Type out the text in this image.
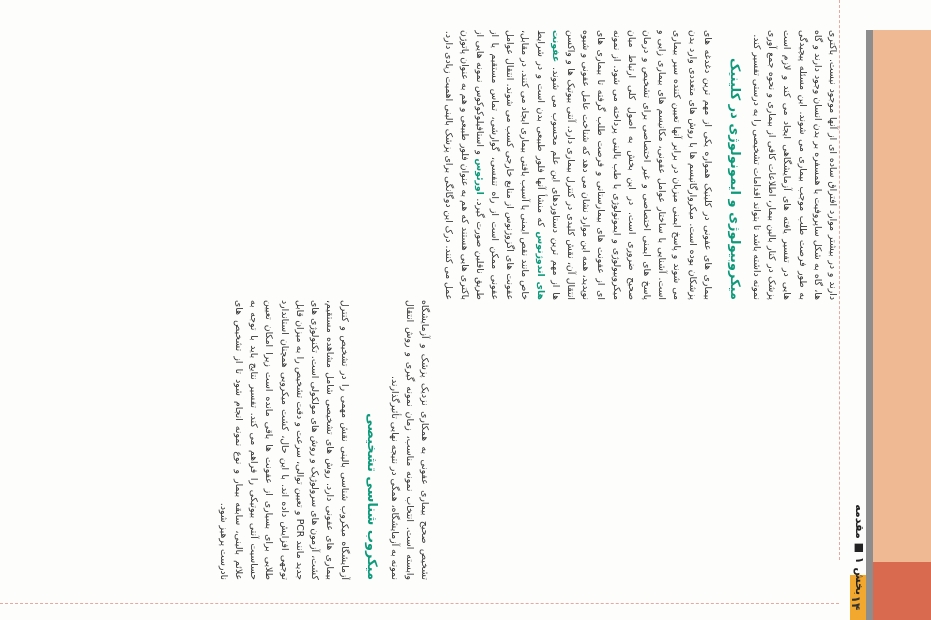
۱۴
بخش ۱ ■ مقدمه

دارند و در بیشتر موارد افتراق ساده ای از آنها موجود نیست. باکتری ها، گاه به شکل ساپروفیت یا همسفره بر بدن انسان وجود دارند و گاه به طور فرصت طلب موجب بیماری می شوند. این مسئله پیچیدگی هایی در تفسیر یافته های آزمایشگاهی ایجاد می کند و لازم است پزشک در کنار بالین بیمار، اطلاعات کافی از بیماری و نحوه جمع آوری نمونه داشته باشد تا بتواند اقدامات تشخیصی را به درستی تفسیر کند.

میکروبیولوژی و ایمونولوژی در کلینیک

بیماری های عفونی در کلینیک همواره یکی از مهم ترین دغدغه های پزشکان بوده است. میکروارگانیسم ها با روش های متعددی وارد بدن می شوند و پاسخ ایمنی میزبان در برابر آنها تعیین کننده سیر بیماری است. آشنایی با ساختار عوامل عفونی، مکانیسم های بیماری زایی و پاسخ های ایمنی اختصاصی و غیر اختصاصی برای تشخیص و درمان صحیح ضروری است. در این بخش به اصول کلی ارتباط میان میکروبیولوژی و ایمونولوژی با طب بالینی پرداخته می شود. از نمونه ای از عفونت های بیمارستانی و فرصت طلب گرفته تا بیماری های نوپدید، همه این موارد نشان می دهد که شناخت عامل عفونی و شیوه انتقال آن، نقش کلیدی در کنترل بیماری دارد. آنتی بیوتیک ها و واکسن ها از مهم ترین دستاوردهای این علم محسوب می شوند. عفونت های اندوژنوس که منشأ آنها فلور طبیعی بدن است و در شرایط خاص مانند نقص ایمنی یا آسیب بافتی بیماری ایجاد می کنند. در مقابل، عفونت های اگزوژنوس از منابع خارجی کسب می شوند. انتقال عوامل عفونی ممکن است از راه تنفسی، گوارشی، تماس مستقیم یا از طریق ناقلین صورت گیرد. اورئوس و استافیلوکوکوس نمونه هایی از باکتری هایی هستند که هم به عنوان فلور طبیعی و هم به عنوان پاتوژن عمل می کنند. درک این دوگانگی برای پزشک بالینی اهمیت زیادی دارد.

تشخیص صحیح بیماری عفونی به همکاری نزدیک پزشک و آزمایشگاه وابسته است. انتخاب نمونه مناسب، زمان نمونه گیری و روش انتقال نمونه به آزمایشگاه، همگی در نتیجه نهایی تأثیرگذارند.

میکروب شناسی تشخیصی

آزمایشگاه میکروب شناسی بالینی نقش مهمی را در تشخیص و کنترل بیماری های عفونی دارد. روش های تشخیصی شامل مشاهده مستقیم، کشت، آزمون های سرولوژیک و روش های مولکولی است. تکنولوژی های جدید مانند PCR و تعیین توالی، سرعت و دقت تشخیص را به میزان قابل توجهی افزایش داده اند. با این حال، کشت میکروبی همچنان استاندارد طلایی برای بسیاری از عفونت ها باقی مانده است زیرا امکان تعیین حساسیت آنتی بیوتیکی را فراهم می کند. تفسیر نتایج باید با توجه به علائم بالینی، سابقه بیمار و نوع نمونه انجام شود تا از تشخیص های نادرست پرهیز شود.
